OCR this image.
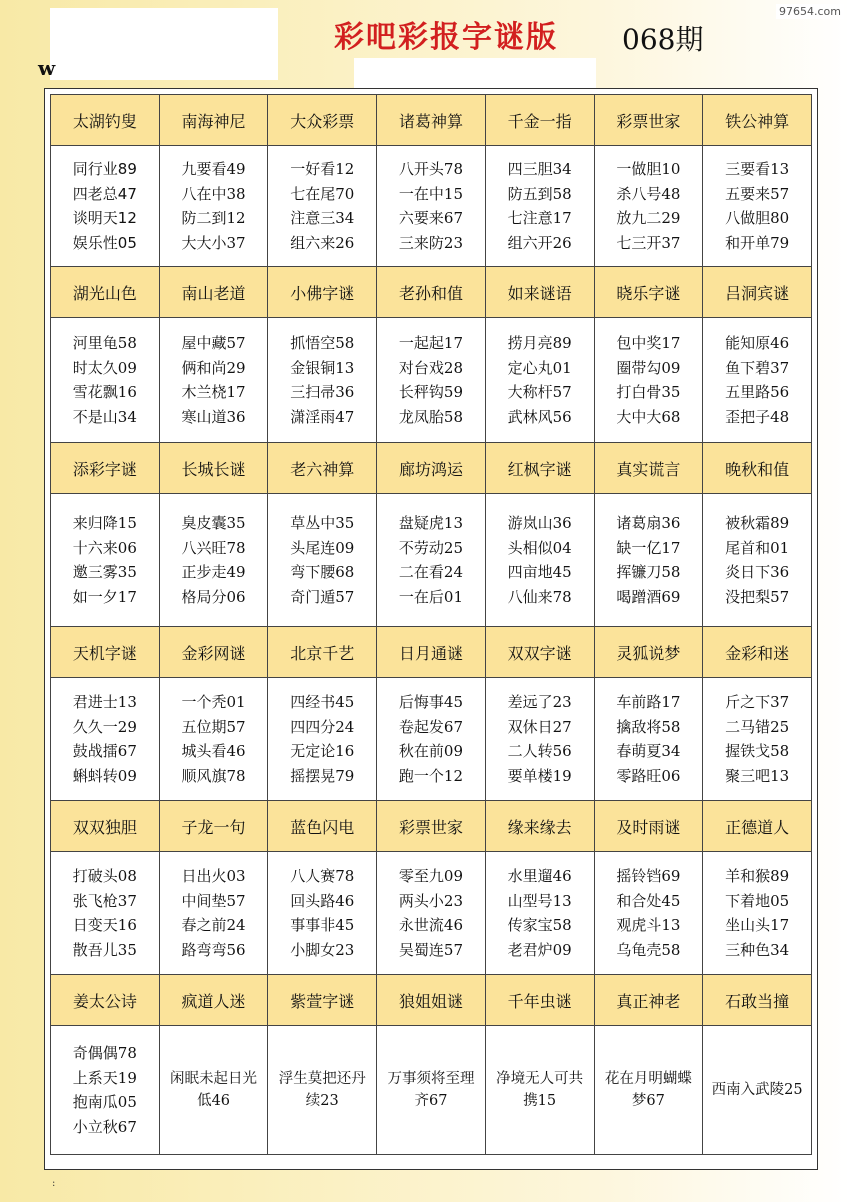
w
彩吧彩报字谜版 068期
97654.com
太湖钓叟	南海神尼	大众彩票	诸葛神算	千金一指	彩票世家	铁公神算

同行业89
四老总47
谈明天12
娱乐性05	九要看49
八在中38
防二到12
大大小37	一好看12
七在尾70
注意三34
组六来26	八开头78
一在中15
六要来67
三来防23	四三胆34
防五到58
七注意17
组六开26	一做胆10
杀八号48
放九二29
七三开37	三要看13
五要来57
八做胆80
和开单79

湖光山色	南山老道	小佛字谜	老孙和值	如来谜语	晓乐字谜	吕洞宾谜

河里龟58
时太久09
雪花飘16
不是山34	屋中藏57
俩和尚29
木兰桡17
寒山道36	抓悟空58
金银铜13
三扫帚36
潇淫雨47	一起起17
对台戏28
长秤钩59
龙凤胎58	捞月亮89
定心丸01
大称杆57
武林风56	包中奖17
圈带勾09
打白骨35
大中大68	能知原46
鱼下碧37
五里路56
歪把子48

添彩字谜	长城长谜	老六神算	廊坊鸿运	红枫字谜	真实谎言	晚秋和值

来归降15
十六来06
邀三雾35
如一夕17	臭皮囊35
八兴旺78
正步走49
格局分06	草丛中35
头尾连09
弯下腰68
奇门遁57	盘疑虎13
不劳动25
二在看24
一在后01	游岚山36
头相似04
四亩地45
八仙来78	诸葛扇36
缺一亿17
挥镰刀58
喝蹭酒69	被秋霜89
尾首和01
炎日下36
没把梨57

天机字谜	金彩网谜	北京千艺	日月通谜	双双字谜	灵狐说梦	金彩和迷

君进士13
久久一29
鼓战擂67
蝌蚪转09	一个秃01
五位期57
城头看46
顺风旗78	四经书45
四四分24
无定论16
摇摆晃79	后悔事45
卷起发67
秋在前09
跑一个12	差远了23
双休日27
二人转56
要单楼19	车前路17
擒敌将58
春萌夏34
零路旺06	斤之下37
二马错25
握铁戈58
聚三吧13

双双独胆	子龙一句	蓝色闪电	彩票世家	缘来缘去	及时雨谜	正德道人

打破头08
张飞枪37
日变天16
散吾儿35	日出火03
中间垫57
春之前24
路弯弯56	八人赛78
回头路46
事事非45
小脚女23	零至九09
两头小23
永世流46
吴蜀连57	水里遛46
山型号13
传家宝58
老君炉09	摇铃铛69
和合处45
观虎斗13
乌龟壳58	羊和猴89
下着地05
坐山头17
三种色34

姜太公诗	疯道人迷	紫萱字谜	狼姐姐谜	千年虫谜	真正神老	石敢当撞

奇偶偶78
上系天19
抱南瓜05
小立秋67	闲眠未起日光低46	浮生莫把还丹续23	万事须将至理齐67	净境无人可共携15	花在月明蝴蝶梦67	西南入武陵25
:
